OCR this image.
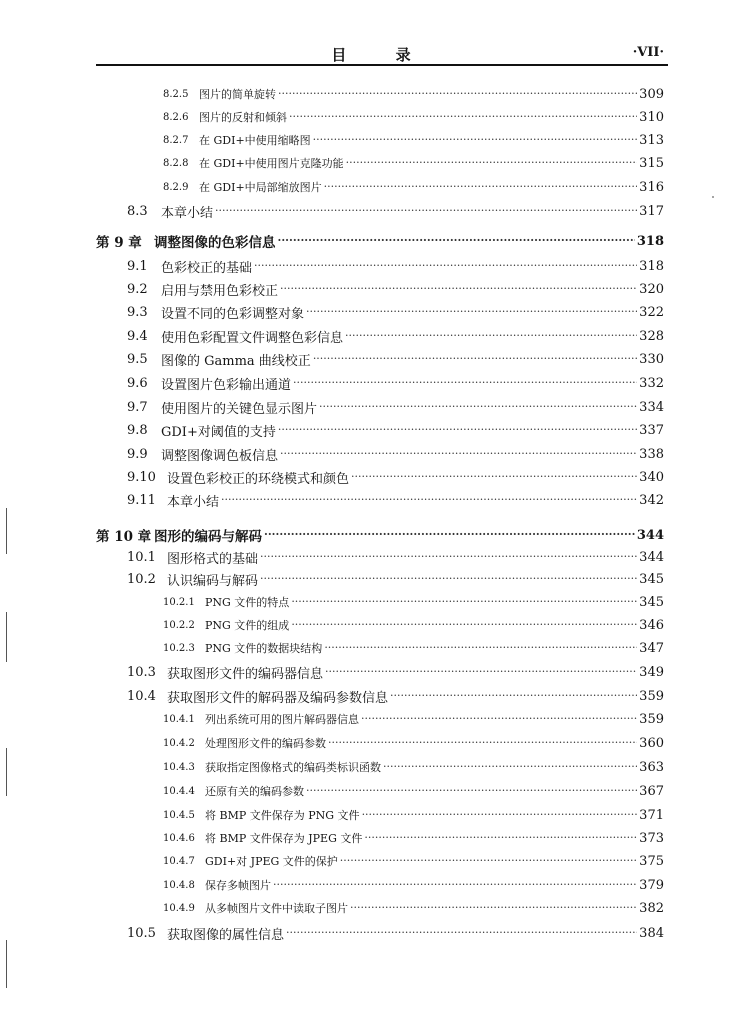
目 录	·VII·
8.2.5 图片的简单旋转 ·····	309
8.2.6 图片的反射和倾斜 ·····	310
8.2.7 在 GDI+中使用缩略图 ·····	313
8.2.8 在 GDI+中使用图片克隆功能 ·····	315
8.2.9 在 GDI+中局部缩放图片 ·····	316
8.3	本章小结 ·····	317
第 9 章 调整图像的色彩信息 ·····	318
9.1	色彩校正的基础 ·····	318
9.2	启用与禁用色彩校正 ·····	320
9.3	设置不同的色彩调整对象 ·····	322
9.4	使用色彩配置文件调整色彩信息 ·····	328
9.5	图像的 Gamma 曲线校正 ·····	330
9.6	设置图片色彩输出通道 ·····	332
9.7	使用图片的关键色显示图片 ·····	334
9.8	GDI+对阈值的支持 ·····	337
9.9	调整图像调色板信息 ·····	338
9.10 设置色彩校正的环绕模式和颜色 ·····	340
9.11 本章小结 ·····	342
第 10 章 图形的编码与解码 ·····	344
10.1 图形格式的基础 ·····	344
10.2 认识编码与解码 ·····	345
10.2.1 PNG 文件的特点 ·····	345
10.2.2 PNG 文件的组成 ·····	346
10.2.3 PNG 文件的数据块结构 ·····	347
10.3 获取图形文件的编码器信息 ·····	349
10.4 获取图形文件的解码器及编码参数信息 ·····	359
10.4.1 列出系统可用的图片解码器信息 ·····	359
10.4.2 处理图形文件的编码参数 ·····	360
10.4.3 获取指定图像格式的编码类标识函数 ·····	363
10.4.4 还原有关的编码参数 ·····	367
10.4.5 将 BMP 文件保存为 PNG 文件 ·····	371
10.4.6 将 BMP 文件保存为 JPEG 文件 ·····	373
10.4.7 GDI+对 JPEG 文件的保护 ·····	375
10.4.8 保存多帧图片 ·····	379
10.4.9 从多帧图片文件中读取子图片 ·····	382
10.5 获取图像的属性信息 ·····	384
